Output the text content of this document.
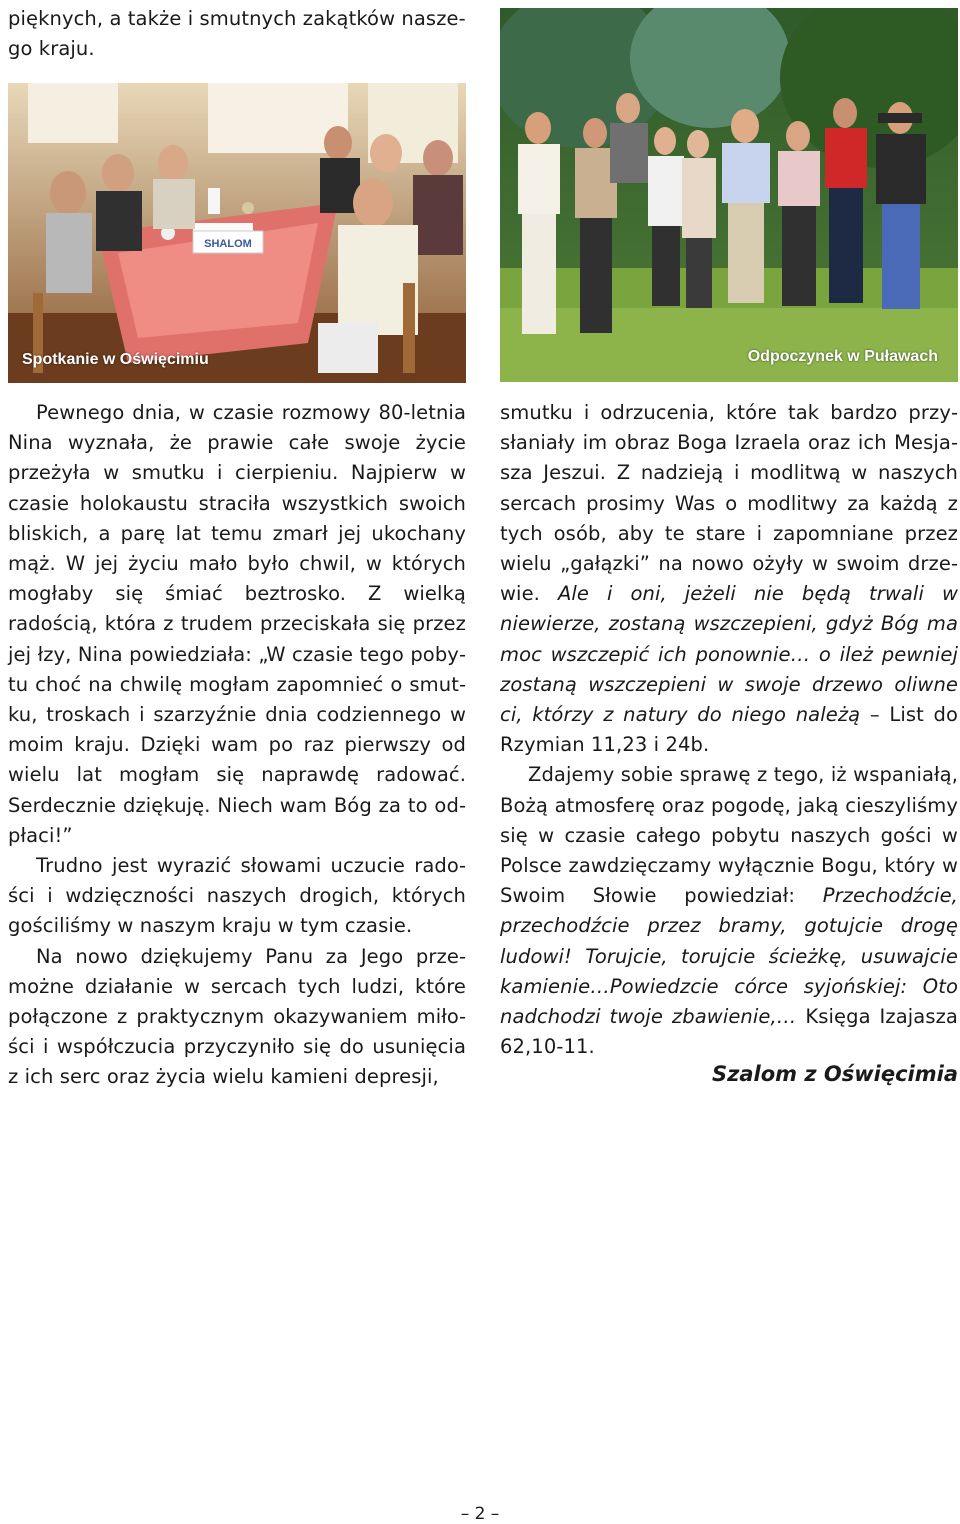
pięknych, a także i smutnych zakątków nasze-

go kraju.

SHALOM
Spotkanie w Oświęcimiu	Odpoczynek w Puławach

Pewnego dnia, w czasie rozmowy 80-letnia Nina wyznała, że prawie całe swoje życie przeżyła w smutku i cierpieniu. Najpierw w czasie holokaustu straciła wszystkich swoich bliskich, a parę lat temu zmarł jej ukochany mąż. W jej życiu mało było chwil, w których mogłaby się śmiać beztrosko. Z wielką radością, która z trudem przeciskała się przez jej łzy, Nina powiedziała: „W czasie tego pobytu choć na chwilę mogłam zapomnieć o smutku, troskach i szarzyźnie dnia codziennego w moim kraju. Dzięki wam po raz pierwszy od wielu lat mogłam się naprawdę radować. Serdecznie dziękuję. Niech wam Bóg za to odpłaci!”

Trudno jest wyrazić słowami uczucie radości i wdzięczności naszych drogich, których gościliśmy w naszym kraju w tym czasie.

Na nowo dziękujemy Panu za Jego przemożne działanie w sercach tych ludzi, które połączone z praktycznym okazywaniem miłości i współczucia przyczyniło się do usunięcia z ich serc oraz życia wielu kamieni depresji,

smutku i odrzucenia, które tak bardzo przysłaniały im obraz Boga Izraela oraz ich Mesjasza Jeszui. Z nadzieją i modlitwą w naszych sercach prosimy Was o modlitwy za każdą z tych osób, aby te stare i zapomniane przez wielu „gałązki” na nowo ożyły w swoim drzewie. Ale i oni, jeżeli nie będą trwali w niewierze, zostaną wszczepieni, gdyż Bóg ma moc wszczepić ich ponownie… o ileż pewniej zostaną wszczepieni w swoje drzewo oliwne ci, którzy z natury do niego należą – List do Rzymian 11,23 i 24b.

Zdajemy sobie sprawę z tego, iż wspaniałą, Bożą atmosferę oraz pogodę, jaką cieszyliśmy się w czasie całego pobytu naszych gości w Polsce zawdzięczamy wyłącznie Bogu, który w Swoim Słowie powiedział: Przechodźcie, przechodźcie przez bramy, gotujcie drogę ludowi! Torujcie, torujcie ścieżkę, usuwajcie kamienie…Powiedzcie córce syjońskiej: Oto nadchodzi twoje zbawienie,… Księga Izajasza 62,10-11.

Szalom z Oświęcimia
– 2 –
